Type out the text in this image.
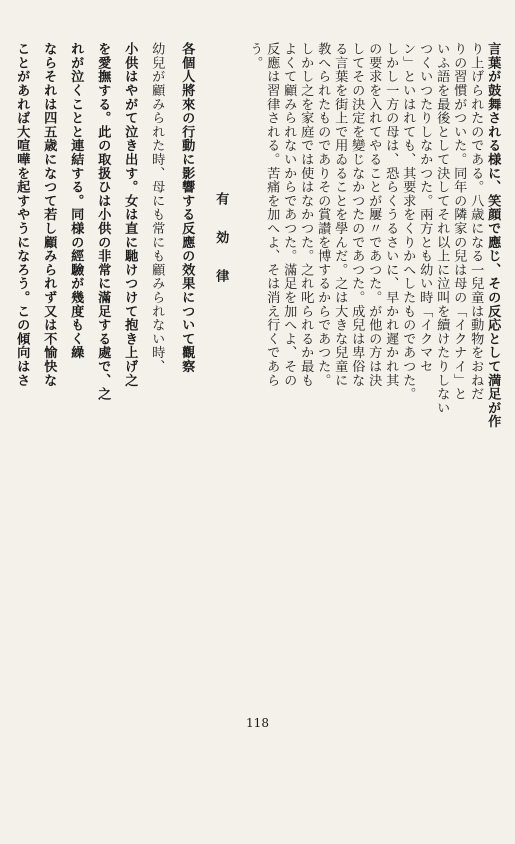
言葉が鼓舞される様に、笑顔で應じ、その反応として満足が作
り上げられたのである。八歳になる一兒童は動物をおねだ
りの習慣がついた。同年の隣家の兒は母の「イクナイ」と
いふ語を最後として決してそれ以上に泣叫を續けたりしない
つくいつたりしなかつた。兩方とも幼い時「イクマセ
ン」といはれても、其要求をくりかへしたものであつた。
しかし一方の母は、恐らくうるさいに、早かれ遲かれ其
の要求を入れてやることが屢〃であつた。が他の方は決
してその決定を變じなかつたのであつた。成兒は卑俗な
る言葉を街上で用ゐることを學んだ。之は大きな兒童に
教へられたものでありその賞讃を博するからであつた。
しかし之を家庭では使はなかつた。之れ叱られるか最も
よくて顧みられないからであつた。滿足を加へよ、その
反應は習律される。苦痛を加へよ、そは消え行くであら
う。
有　効　律
各個人將來の行動に影響する反應の效果について觀察
幼兒が顧みられた時、母にも常にも顧みられない時、
小供はやがて泣き出す。女は直に馳けつけて抱き上げ之
を愛撫する。此の取扱ひは小供の非常に滿足する處で、之
れが泣くことと連結する。同様の經驗が幾度もく繰
ならそれは四五歳になつて若し顧みられず又は不愉快な
ことがあれば大喧嘩を起すやうになろう。この傾向はさ
118
